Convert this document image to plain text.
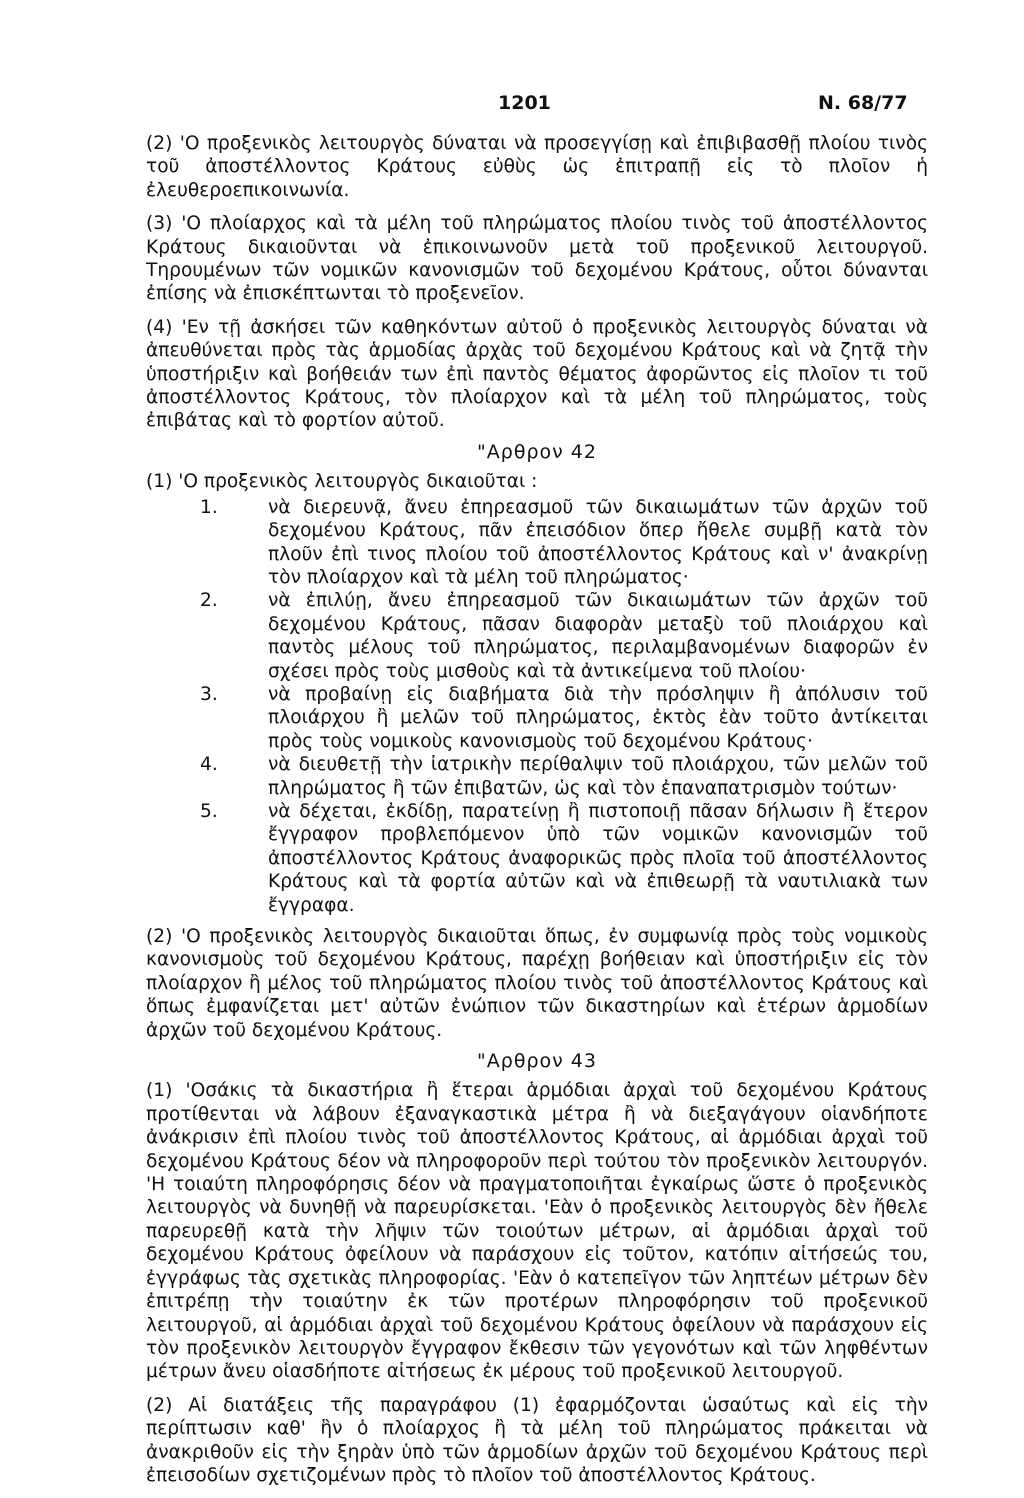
1201	N. 68/77

(2) 'Ο προξενικὸς λειτουργὸς δύναται νὰ προσεγγίσῃ καὶ ἐπιβιβασθῇ πλοίου τινὸς τοῦ ἀποστέλλοντος Κράτους εὐθὺς ὡς ἐπιτραπῇ εἰς τὸ πλοῖον ἡ ἐλευθεροεπικοινωνία.

(3) 'Ο πλοίαρχος καὶ τὰ μέλη τοῦ πληρώματος πλοίου τινὸς τοῦ ἀποστέλλοντος Κράτους δικαιοῦνται νὰ ἐπικοινωνοῦν μετὰ τοῦ προξενικοῦ λειτουργοῦ. Τηρουμένων τῶν νομικῶν κανονισμῶν τοῦ δεχομένου Κράτους, οὗτοι δύνανται ἐπίσης νὰ ἐπισκέπτωνται τὸ προξενεῖον.

(4) 'Εν τῇ ἀσκήσει τῶν καθηκόντων αὐτοῦ ὁ προξενικὸς λειτουργὸς δύναται νὰ ἀπευθύνεται πρὸς τὰς ἁρμοδίας ἀρχὰς τοῦ δεχομένου Κράτους καὶ νὰ ζητᾷ τὴν ὑποστήριξιν καὶ βοήθειάν των ἐπὶ παντὸς θέματος ἀφορῶντος εἰς πλοῖον τι τοῦ ἀποστέλλοντος Κράτους, τὸν πλοίαρχον καὶ τὰ μέλη τοῦ πληρώματος, τοὺς ἐπιβάτας καὶ τὸ φορτίον αὐτοῦ.

"Αρθρον 42

(1) 'Ο προξενικὸς λειτουργὸς δικαιοῦται :

1.	νὰ διερευνᾷ, ἄνευ ἐπηρεασμοῦ τῶν δικαιωμάτων τῶν ἀρχῶν τοῦ δεχομένου Κράτους, πᾶν ἐπεισόδιον ὅπερ ἤθελε συμβῇ κατὰ τὸν πλοῦν ἐπὶ τινος πλοίου τοῦ ἀποστέλλοντος Κράτους καὶ ν' ἀνακρίνῃ τὸν πλοίαρχον καὶ τὰ μέλη τοῦ πληρώματος·
2.	νὰ ἐπιλύῃ, ἄνευ ἐπηρεασμοῦ τῶν δικαιωμάτων τῶν ἀρχῶν τοῦ δεχομένου Κράτους, πᾶσαν διαφορὰν μεταξὺ τοῦ πλοιάρχου καὶ παντὸς μέλους τοῦ πληρώματος, περιλαμβανομένων διαφορῶν ἐν σχέσει πρὸς τοὺς μισθοὺς καὶ τὰ ἀντικείμενα τοῦ πλοίου·
3.	νὰ προβαίνῃ εἰς διαβήματα διὰ τὴν πρόσληψιν ἢ ἀπόλυσιν τοῦ πλοιάρχου ἢ μελῶν τοῦ πληρώματος, ἐκτὸς ἐὰν τοῦτο ἀντίκειται πρὸς τοὺς νομικοὺς κανονισμοὺς τοῦ δεχομένου Κράτους·
4.	νὰ διευθετῇ τὴν ἰατρικὴν περίθαλψιν τοῦ πλοιάρχου, τῶν μελῶν τοῦ πληρώματος ἢ τῶν ἐπιβατῶν, ὡς καὶ τὸν ἐπαναπατρισμὸν τούτων·
5.	νὰ δέχεται, ἐκδίδῃ, παρατείνῃ ἢ πιστοποιῇ πᾶσαν δήλωσιν ἢ ἕτερον ἔγγραφον προβλεπόμενον ὑπὸ τῶν νομικῶν κανονισμῶν τοῦ ἀποστέλλοντος Κράτους ἀναφορικῶς πρὸς πλοῖα τοῦ ἀποστέλλοντος Κράτους καὶ τὰ φορτία αὐτῶν καὶ νὰ ἐπιθεωρῇ τὰ ναυτιλιακὰ των ἔγγραφα.

(2) 'Ο προξενικὸς λειτουργὸς δικαιοῦται ὅπως, ἐν συμφωνίᾳ πρὸς τοὺς νομικοὺς κανονισμοὺς τοῦ δεχομένου Κράτους, παρέχῃ βοήθειαν καὶ ὑποστήριξιν εἰς τὸν πλοίαρχον ἢ μέλος τοῦ πληρώματος πλοίου τινὸς τοῦ ἀποστέλλοντος Κράτους καὶ ὅπως ἐμφανίζεται μετ' αὐτῶν ἐνώπιον τῶν δικαστηρίων καὶ ἑτέρων ἁρμοδίων ἀρχῶν τοῦ δεχομένου Κράτους.

"Αρθρον 43

(1) 'Οσάκις τὰ δικαστήρια ἢ ἕτεραι ἁρμόδιαι ἀρχαὶ τοῦ δεχομένου Κράτους προτίθενται νὰ λάβουν ἐξαναγκαστικὰ μέτρα ἢ νὰ διεξαγάγουν οἱανδήποτε ἀνάκρισιν ἐπὶ πλοίου τινὸς τοῦ ἀποστέλλοντος Κράτους, αἱ ἁρμόδιαι ἀρχαὶ τοῦ δεχομένου Κράτους δέον νὰ πληροφοροῦν περὶ τούτου τὸν προξενικὸν λειτουργόν. 'Η τοιαύτη πληροφόρησις δέον νὰ πραγματοποιῆται ἐγκαίρως ὥστε ὁ προξενικὸς λειτουργὸς νὰ δυνηθῇ νὰ παρευρίσκεται. 'Εὰν ὁ προξενικὸς λειτουργὸς δὲν ἤθελε παρευρεθῇ κατὰ τὴν λῆψιν τῶν τοιούτων μέτρων, αἱ ἁρμόδιαι ἀρχαὶ τοῦ δεχομένου Κράτους ὀφείλουν νὰ παράσχουν εἰς τοῦτον, κατόπιν αἰτήσεώς του, ἐγγράφως τὰς σχετικὰς πληροφορίας. 'Εὰν ὁ κατεπεῖγον τῶν ληπτέων μέτρων δὲν ἐπιτρέπῃ τὴν τοιαύτην ἐκ τῶν προτέρων πληροφόρησιν τοῦ προξενικοῦ λειτουργοῦ, αἱ ἁρμόδιαι ἀρχαὶ τοῦ δεχομένου Κράτους ὀφείλουν νὰ παράσχουν εἰς τὸν προξενικὸν λειτουργὸν ἔγγραφον ἔκθεσιν τῶν γεγονότων καὶ τῶν ληφθέντων μέτρων ἄνευ οἱασδήποτε αἰτήσεως ἐκ μέρους τοῦ προξενικοῦ λειτουργοῦ.

(2) Αἱ διατάξεις τῆς παραγράφου (1) ἐφαρμόζονται ὡσαύτως καὶ εἰς τὴν περίπτωσιν καθ' ἣν ὁ πλοίαρχος ἢ τὰ μέλη τοῦ πληρώματος πράκειται νὰ ἀνακριθοῦν εἰς τὴν ξηρὰν ὑπὸ τῶν ἁρμοδίων ἀρχῶν τοῦ δεχομένου Κράτους περὶ ἐπεισοδίων σχετιζομένων πρὸς τὸ πλοῖον τοῦ ἀποστέλλοντος Κράτους.
